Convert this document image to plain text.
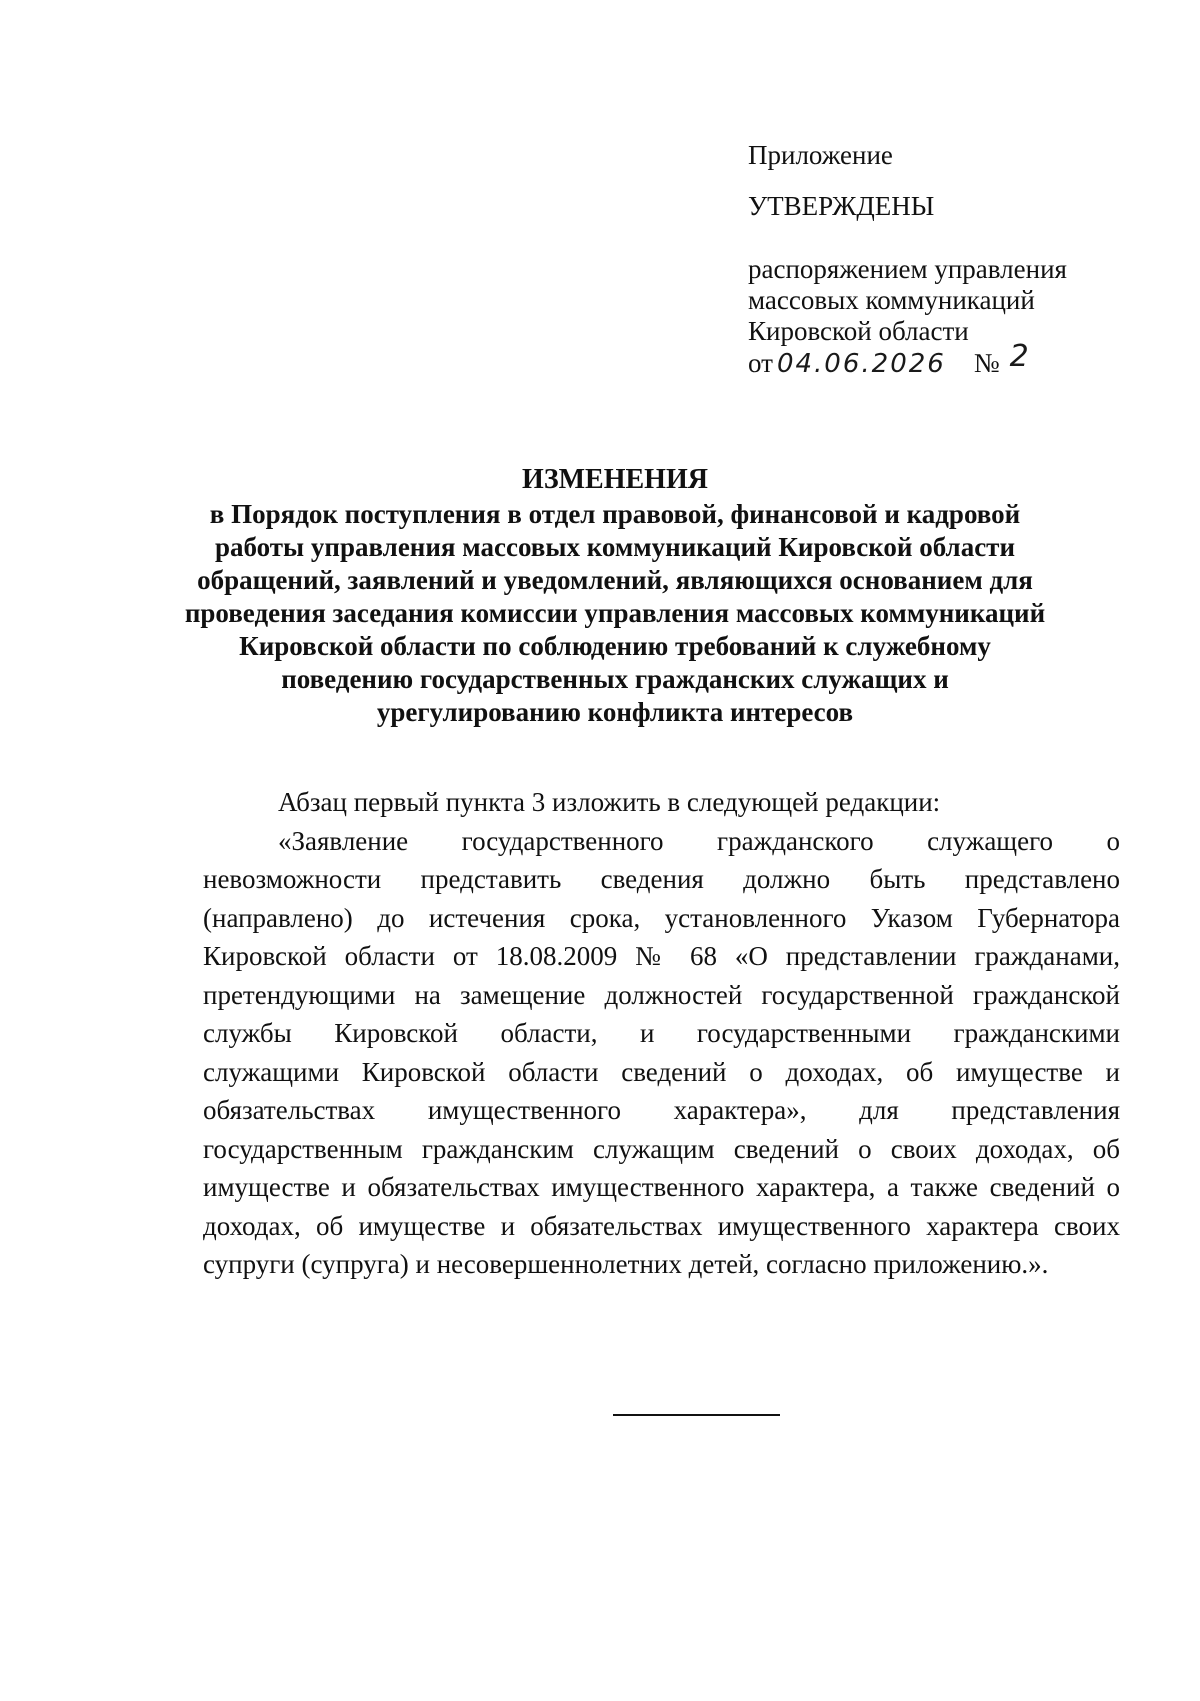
Приложение
УТВЕРЖДЕНЫ
распоряжением управления
массовых коммуникаций
Кировской области
от 04.06.2026 № 2
ИЗМЕНЕНИЯ
в Порядок поступления в отдел правовой, финансовой и кадровой
работы управления массовых коммуникаций Кировской области
обращений, заявлений и уведомлений, являющихся основанием для
проведения заседания комиссии управления массовых коммуникаций
Кировской области по соблюдению требований к служебному
поведению государственных гражданских служащих и
урегулированию конфликта интересов
Абзац первый пункта 3 изложить в следующей редакции:
«Заявление государственного гражданского служащего о
невозможности представить сведения должно быть представлено
(направлено) до истечения срока, установленного Указом Губернатора
Кировской области от 18.08.2009 № 68 «О представлении гражданами,
претендующими на замещение должностей государственной гражданской
службы Кировской области, и государственными гражданскими
служащими Кировской области сведений о доходах, об имуществе и
обязательствах имущественного характера», для представления
государственным гражданским служащим сведений о своих доходах, об
имуществе и обязательствах имущественного характера, а также сведений о
доходах, об имуществе и обязательствах имущественного характера своих
супруги (супруга) и несовершеннолетних детей, согласно приложению.».
